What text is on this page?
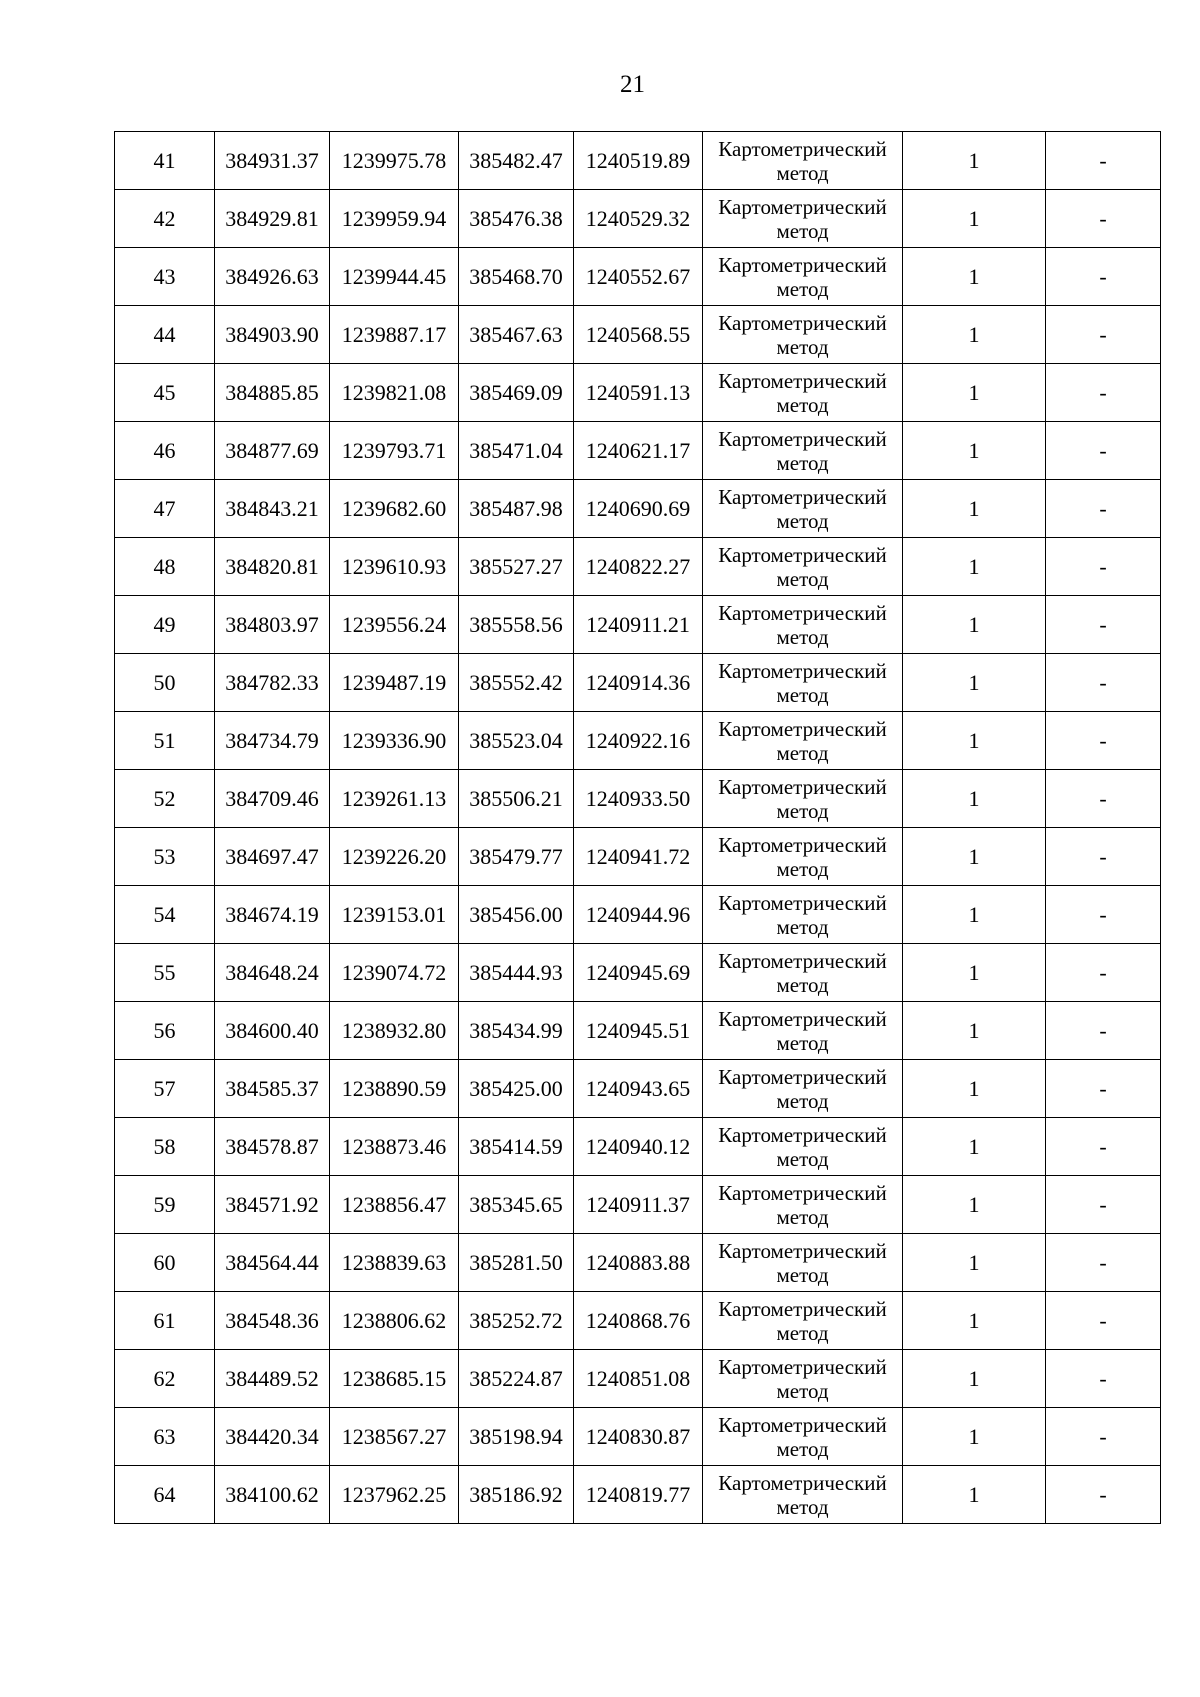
21
41	384931.37	1239975.78	385482.47	1240519.89	Картометрический
метод	1	-
42	384929.81	1239959.94	385476.38	1240529.32	Картометрический
метод	1	-
43	384926.63	1239944.45	385468.70	1240552.67	Картометрический
метод	1	-
44	384903.90	1239887.17	385467.63	1240568.55	Картометрический
метод	1	-
45	384885.85	1239821.08	385469.09	1240591.13	Картометрический
метод	1	-
46	384877.69	1239793.71	385471.04	1240621.17	Картометрический
метод	1	-
47	384843.21	1239682.60	385487.98	1240690.69	Картометрический
метод	1	-
48	384820.81	1239610.93	385527.27	1240822.27	Картометрический
метод	1	-
49	384803.97	1239556.24	385558.56	1240911.21	Картометрический
метод	1	-
50	384782.33	1239487.19	385552.42	1240914.36	Картометрический
метод	1	-
51	384734.79	1239336.90	385523.04	1240922.16	Картометрический
метод	1	-
52	384709.46	1239261.13	385506.21	1240933.50	Картометрический
метод	1	-
53	384697.47	1239226.20	385479.77	1240941.72	Картометрический
метод	1	-
54	384674.19	1239153.01	385456.00	1240944.96	Картометрический
метод	1	-
55	384648.24	1239074.72	385444.93	1240945.69	Картометрический
метод	1	-
56	384600.40	1238932.80	385434.99	1240945.51	Картометрический
метод	1	-
57	384585.37	1238890.59	385425.00	1240943.65	Картометрический
метод	1	-
58	384578.87	1238873.46	385414.59	1240940.12	Картометрический
метод	1	-
59	384571.92	1238856.47	385345.65	1240911.37	Картометрический
метод	1	-
60	384564.44	1238839.63	385281.50	1240883.88	Картометрический
метод	1	-
61	384548.36	1238806.62	385252.72	1240868.76	Картометрический
метод	1	-
62	384489.52	1238685.15	385224.87	1240851.08	Картометрический
метод	1	-
63	384420.34	1238567.27	385198.94	1240830.87	Картометрический
метод	1	-
64	384100.62	1237962.25	385186.92	1240819.77	Картометрический
метод	1	-
